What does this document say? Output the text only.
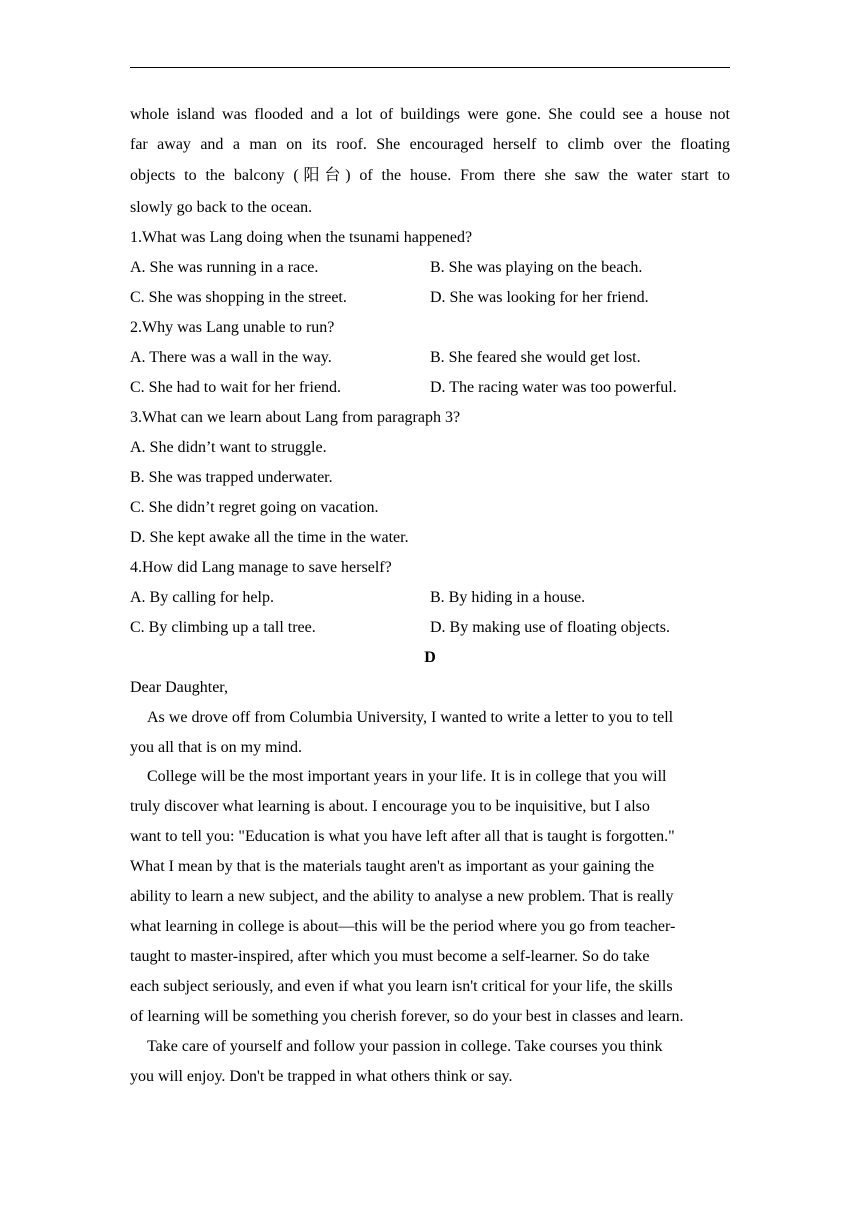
whole island was flooded and a lot of buildings were gone. She could see a house not
far away and a man on its roof. She encouraged herself to climb over the floating
objects to the balcony (阳台) of the house. From there she saw the water start to
slowly go back to the ocean.
1.What was Lang doing when the tsunami happened?
A. She was running in a race.	B. She was playing on the beach.
C. She was shopping in the street.	D. She was looking for her friend.
2.Why was Lang unable to run?
A. There was a wall in the way.	B. She feared she would get lost.
C. She had to wait for her friend.	D. The racing water was too powerful.
3.What can we learn about Lang from paragraph 3?
A. She didn’t want to struggle.
B. She was trapped underwater.
C. She didn’t regret going on vacation.
D. She kept awake all the time in the water.
4.How did Lang manage to save herself?
A. By calling for help.	B. By hiding in a house.
C. By climbing up a tall tree.	D. By making use of floating objects.
D
Dear Daughter,
As we drove off from Columbia University, I wanted to write a letter to you to tell
you all that is on my mind.
College will be the most important years in your life. It is in college that you will
truly discover what learning is about. I encourage you to be inquisitive, but I also
want to tell you: "Education is what you have left after all that is taught is forgotten."
What I mean by that is the materials taught aren't as important as your gaining the
ability to learn a new subject, and the ability to analyse a new problem. That is really
what learning in college is about—this will be the period where you go from teacher-
taught to master-inspired, after which you must become a self-learner. So do take
each subject seriously, and even if what you learn isn't critical for your life, the skills
of learning will be something you cherish forever, so do your best in classes and learn.
Take care of yourself and follow your passion in college. Take courses you think
you will enjoy. Don't be trapped in what others think or say.
